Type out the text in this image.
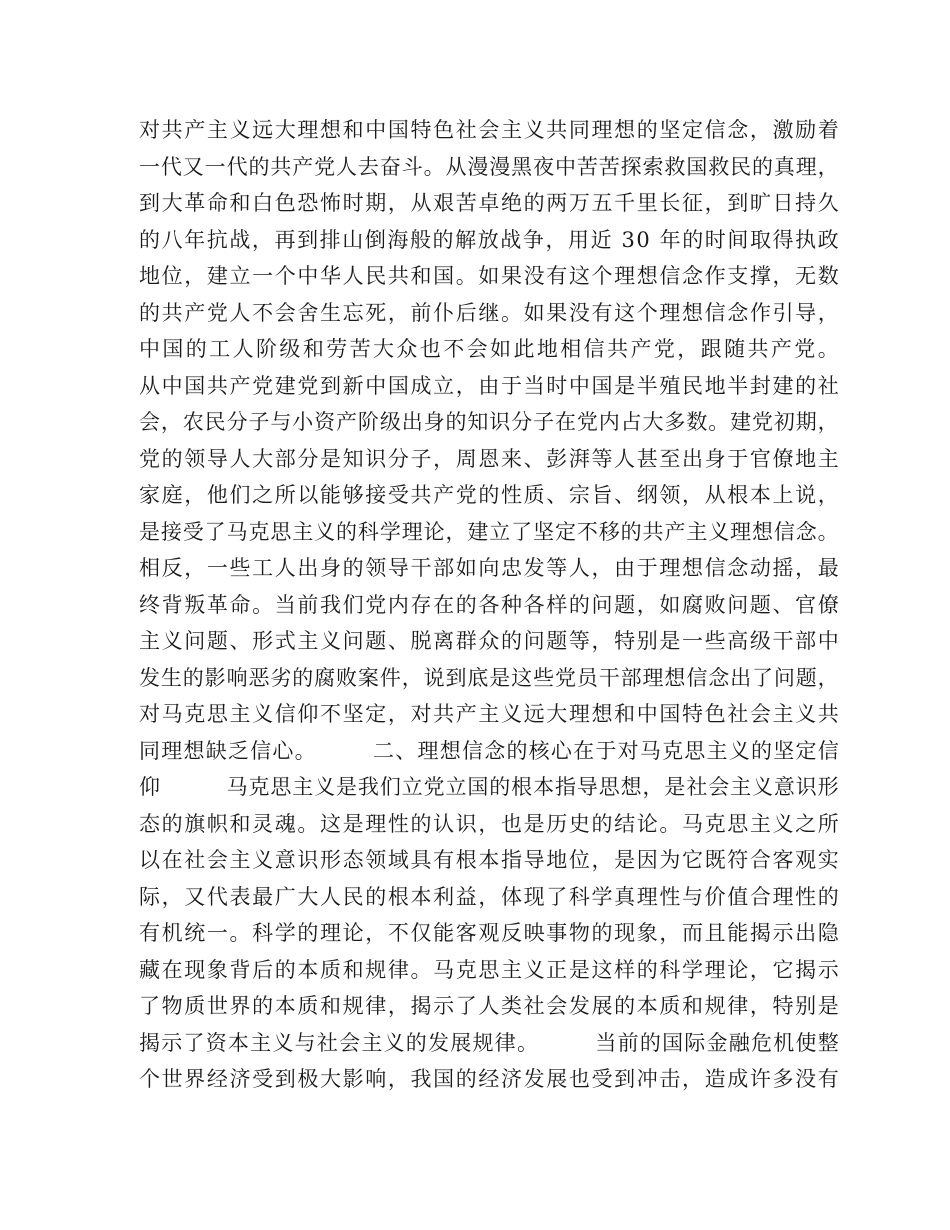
对共产主义远大理想和中国特色社会主义共同理想的坚定信念，激励着
一代又一代的共产党人去奋斗。从漫漫黑夜中苦苦探索救国救民的真理，
到大革命和白色恐怖时期，从艰苦卓绝的两万五千里长征，到旷日持久
的八年抗战，再到排山倒海般的解放战争，用近 30 年的时间取得执政
地位，建立一个中华人民共和国。如果没有这个理想信念作支撑，无数
的共产党人不会舍生忘死，前仆后继。如果没有这个理想信念作引导，
中国的工人阶级和劳苦大众也不会如此地相信共产党，跟随共产党。
从中国共产党建党到新中国成立，由于当时中国是半殖民地半封建的社
会，农民分子与小资产阶级出身的知识分子在党内占大多数。建党初期，
党的领导人大部分是知识分子，周恩来、彭湃等人甚至出身于官僚地主
家庭，他们之所以能够接受共产党的性质、宗旨、纲领，从根本上说，
是接受了马克思主义的科学理论，建立了坚定不移的共产主义理想信念。
相反，一些工人出身的领导干部如向忠发等人，由于理想信念动摇，最
终背叛革命。当前我们党内存在的各种各样的问题，如腐败问题、官僚
主义问题、形式主义问题、脱离群众的问题等，特别是一些高级干部中
发生的影响恶劣的腐败案件，说到底是这些党员干部理想信念出了问题，
对马克思主义信仰不坚定，对共产主义远大理想和中国特色社会主义共
同理想缺乏信心。　　　二、理想信念的核心在于对马克思主义的坚定信
仰　　　马克思主义是我们立党立国的根本指导思想，是社会主义意识形
态的旗帜和灵魂。这是理性的认识，也是历史的结论。马克思主义之所
以在社会主义意识形态领域具有根本指导地位，是因为它既符合客观实
际，又代表最广大人民的根本利益，体现了科学真理性与价值合理性的
有机统一。科学的理论，不仅能客观反映事物的现象，而且能揭示出隐
藏在现象背后的本质和规律。马克思主义正是这样的科学理论，它揭示
了物质世界的本质和规律，揭示了人类社会发展的本质和规律，特别是
揭示了资本主义与社会主义的发展规律。　　　当前的国际金融危机使整
个世界经济受到极大影响，我国的经济发展也受到冲击，造成许多没有
